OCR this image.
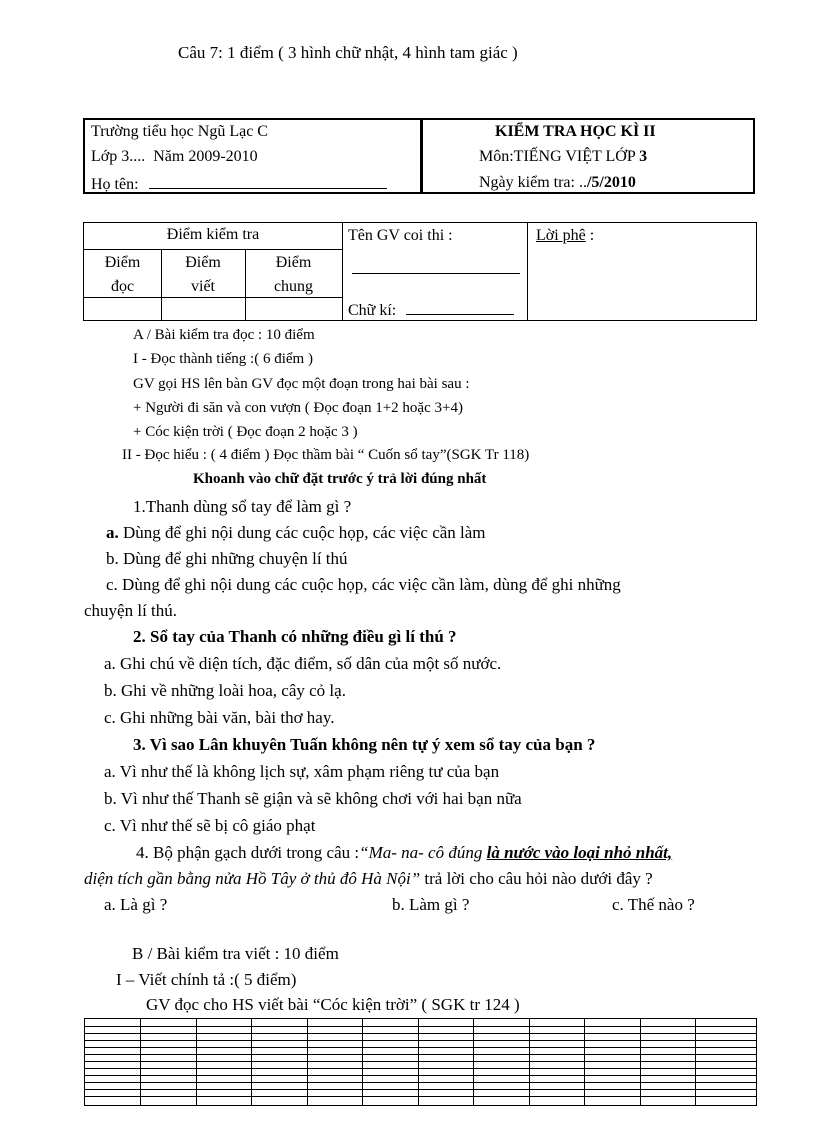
Câu 7: 1 điểm ( 3 hình chữ nhật, 4 hình tam giác )
Trường tiểu học Ngũ Lạc C
Lớp 3....  Năm 2009-2010
Họ tên:
KIỂM TRA HỌC KÌ II
Môn:TIẾNG VIỆT LỚP 3
Ngày kiểm tra: ../5/2010
Điểm kiểm tra
Điểm
đọc
Điểm
viết
Điểm
chung
Tên GV coi thi :
Chữ kí:
Lời phê :
A / Bài kiểm tra đọc : 10 điểm
I - Đọc thành tiếng :( 6 điểm )
GV gọi HS lên bàn GV đọc một đoạn trong hai bài sau :
+ Người đi săn và con vượn ( Đọc đoạn 1+2 hoặc 3+4)
+ Cóc kiện trời ( Đọc đoạn 2 hoặc 3 )
II - Đọc hiểu : ( 4 điểm ) Đọc thầm bài “ Cuốn sổ tay”(SGK Tr 118)
Khoanh vào chữ đặt trước ý trả lời đúng nhất
1.Thanh dùng sổ tay để làm gì ?
a. Dùng để ghi nội dung các cuộc họp, các việc cần làm
b. Dùng để ghi những chuyện lí thú
c. Dùng để ghi nội dung các cuộc họp, các việc cần làm, dùng để ghi những
chuyện lí thú.
2. Sổ tay của Thanh có những điều gì lí thú ?
a. Ghi chú về diện tích, đặc điểm, số dân của một số nước.
b. Ghi về những loài hoa, cây cỏ lạ.
c. Ghi những bài văn, bài thơ hay.
3. Vì sao Lân khuyên Tuấn không nên tự ý xem sổ tay của bạn ?
a. Vì như thế là không lịch sự, xâm phạm riêng tư của bạn
b. Vì như thế Thanh sẽ giận và sẽ không chơi với hai bạn nữa
c. Vì như thế sẽ bị cô giáo phạt
4. Bộ phận gạch dưới trong câu :“Ma- na- cô đúng là nước vào loại nhỏ nhất,
diện tích gần bằng nửa Hồ Tây ở thủ đô Hà Nội” trả lời cho câu hỏi nào dưới đây ?
a. Là gì ?	b. Làm gì ?	c. Thế nào ?
B / Bài kiểm tra viết : 10 điểm
I – Viết chính tả :( 5 điểm)
GV đọc cho HS viết bài “Cóc kiện trời” ( SGK tr 124 )
